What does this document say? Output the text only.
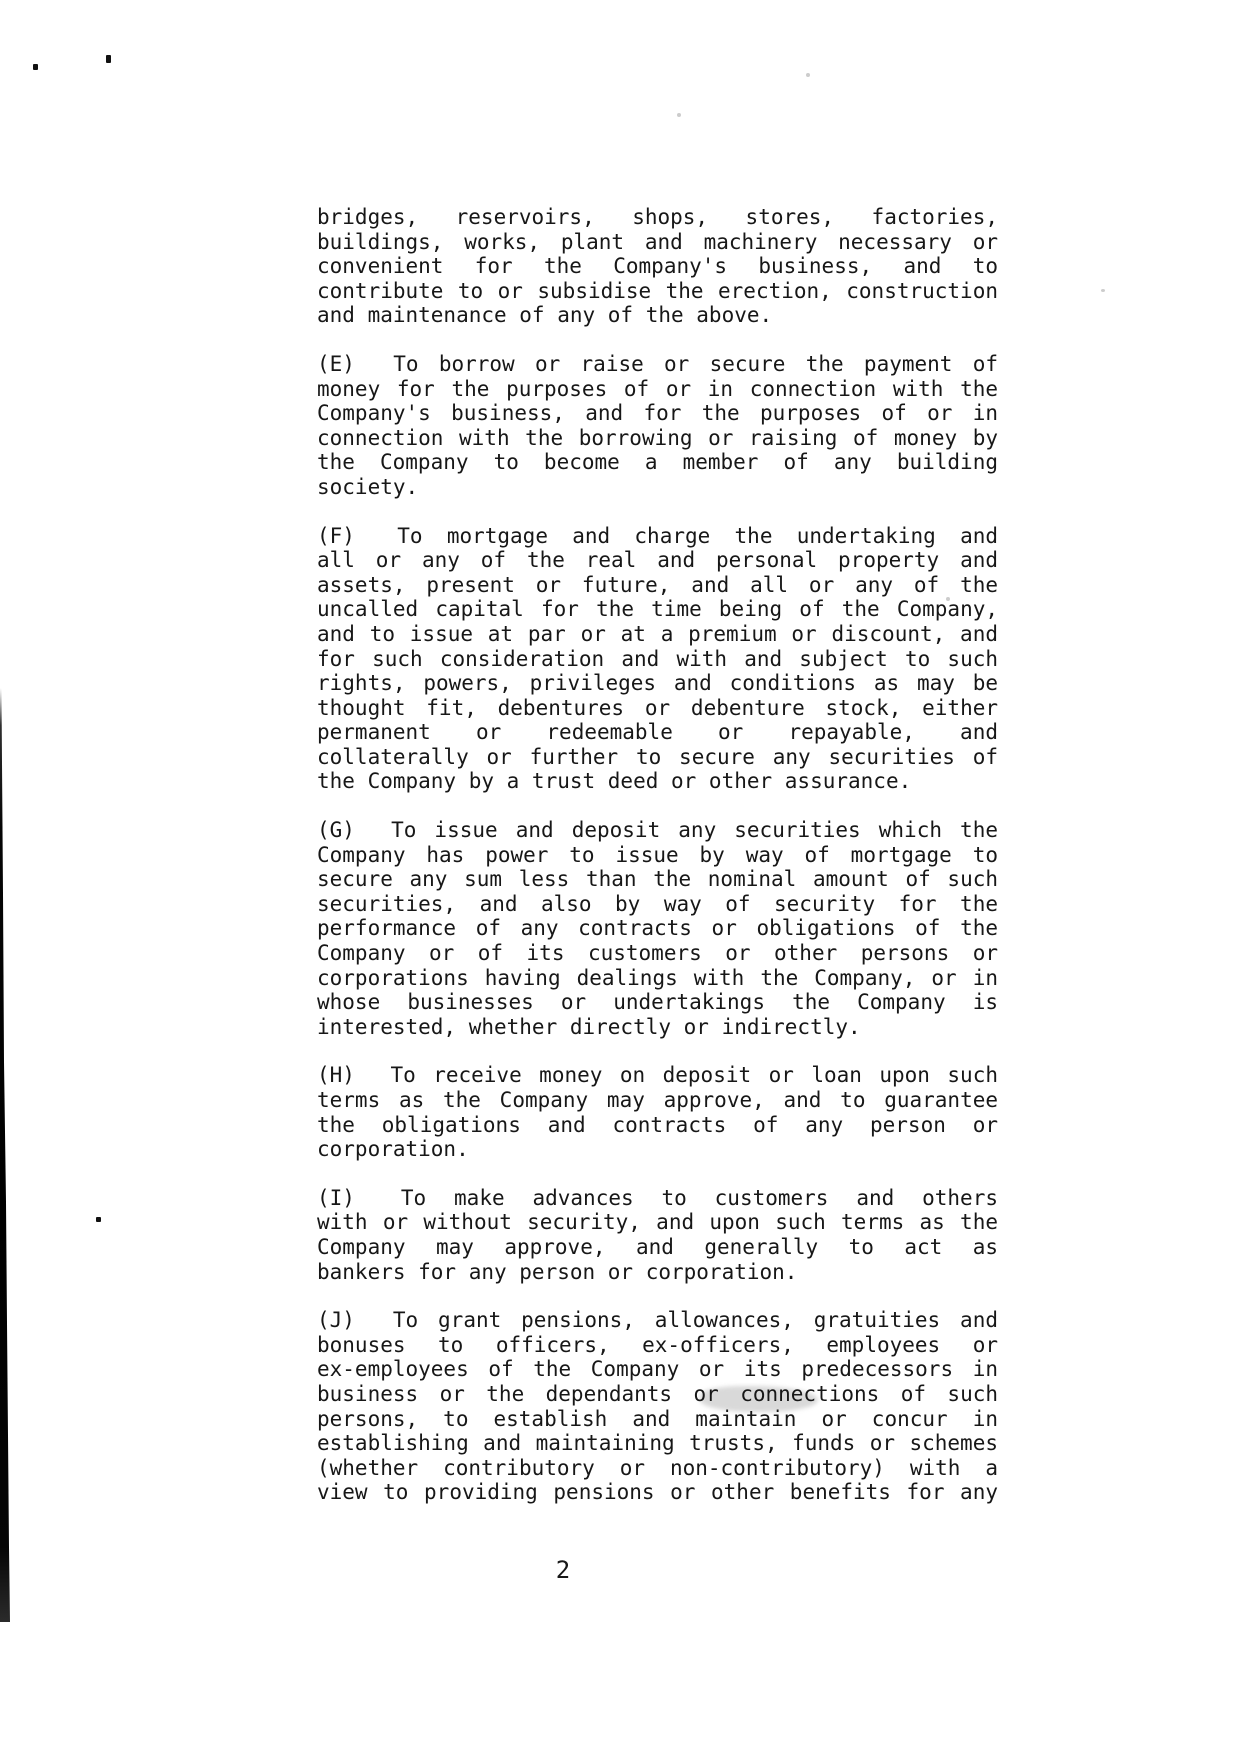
bridges, reservoirs, shops, stores, factories,
buildings, works, plant and machinery necessary or
convenient for the Company's business, and to
contribute to or subsidise the erection, construction
and maintenance of any of the above.
(E) To borrow or raise or secure the payment of
money for the purposes of or in connection with the
Company's business, and for the purposes of or in
connection with the borrowing or raising of money by
the Company to become a member of any building
society.
(F) To mortgage and charge the undertaking and
all or any of the real and personal property and
assets, present or future, and all or any of the
uncalled capital for the time being of the Company,
and to issue at par or at a premium or discount, and
for such consideration and with and subject to such
rights, powers, privileges and conditions as may be
thought fit, debentures or debenture stock, either
permanent or redeemable or repayable, and
collaterally or further to secure any securities of
the Company by a trust deed or other assurance.
(G) To issue and deposit any securities which the
Company has power to issue by way of mortgage to
secure any sum less than the nominal amount of such
securities, and also by way of security for the
performance of any contracts or obligations of the
Company or of its customers or other persons or
corporations having dealings with the Company, or in
whose businesses or undertakings the Company is
interested, whether directly or indirectly.
(H) To receive money on deposit or loan upon such
terms as the Company may approve, and to guarantee
the obligations and contracts of any person or
corporation.
(I) To make advances to customers and others
with or without security, and upon such terms as the
Company may approve, and generally to act as
bankers for any person or corporation.
(J) To grant pensions, allowances, gratuities and
bonuses to officers, ex-officers, employees or
ex-employees of the Company or its predecessors in
business or the dependants or connections of such
persons, to establish and maintain or concur in
establishing and maintaining trusts, funds or schemes
(whether contributory or non-contributory) with a
view to providing pensions or other benefits for any
2
